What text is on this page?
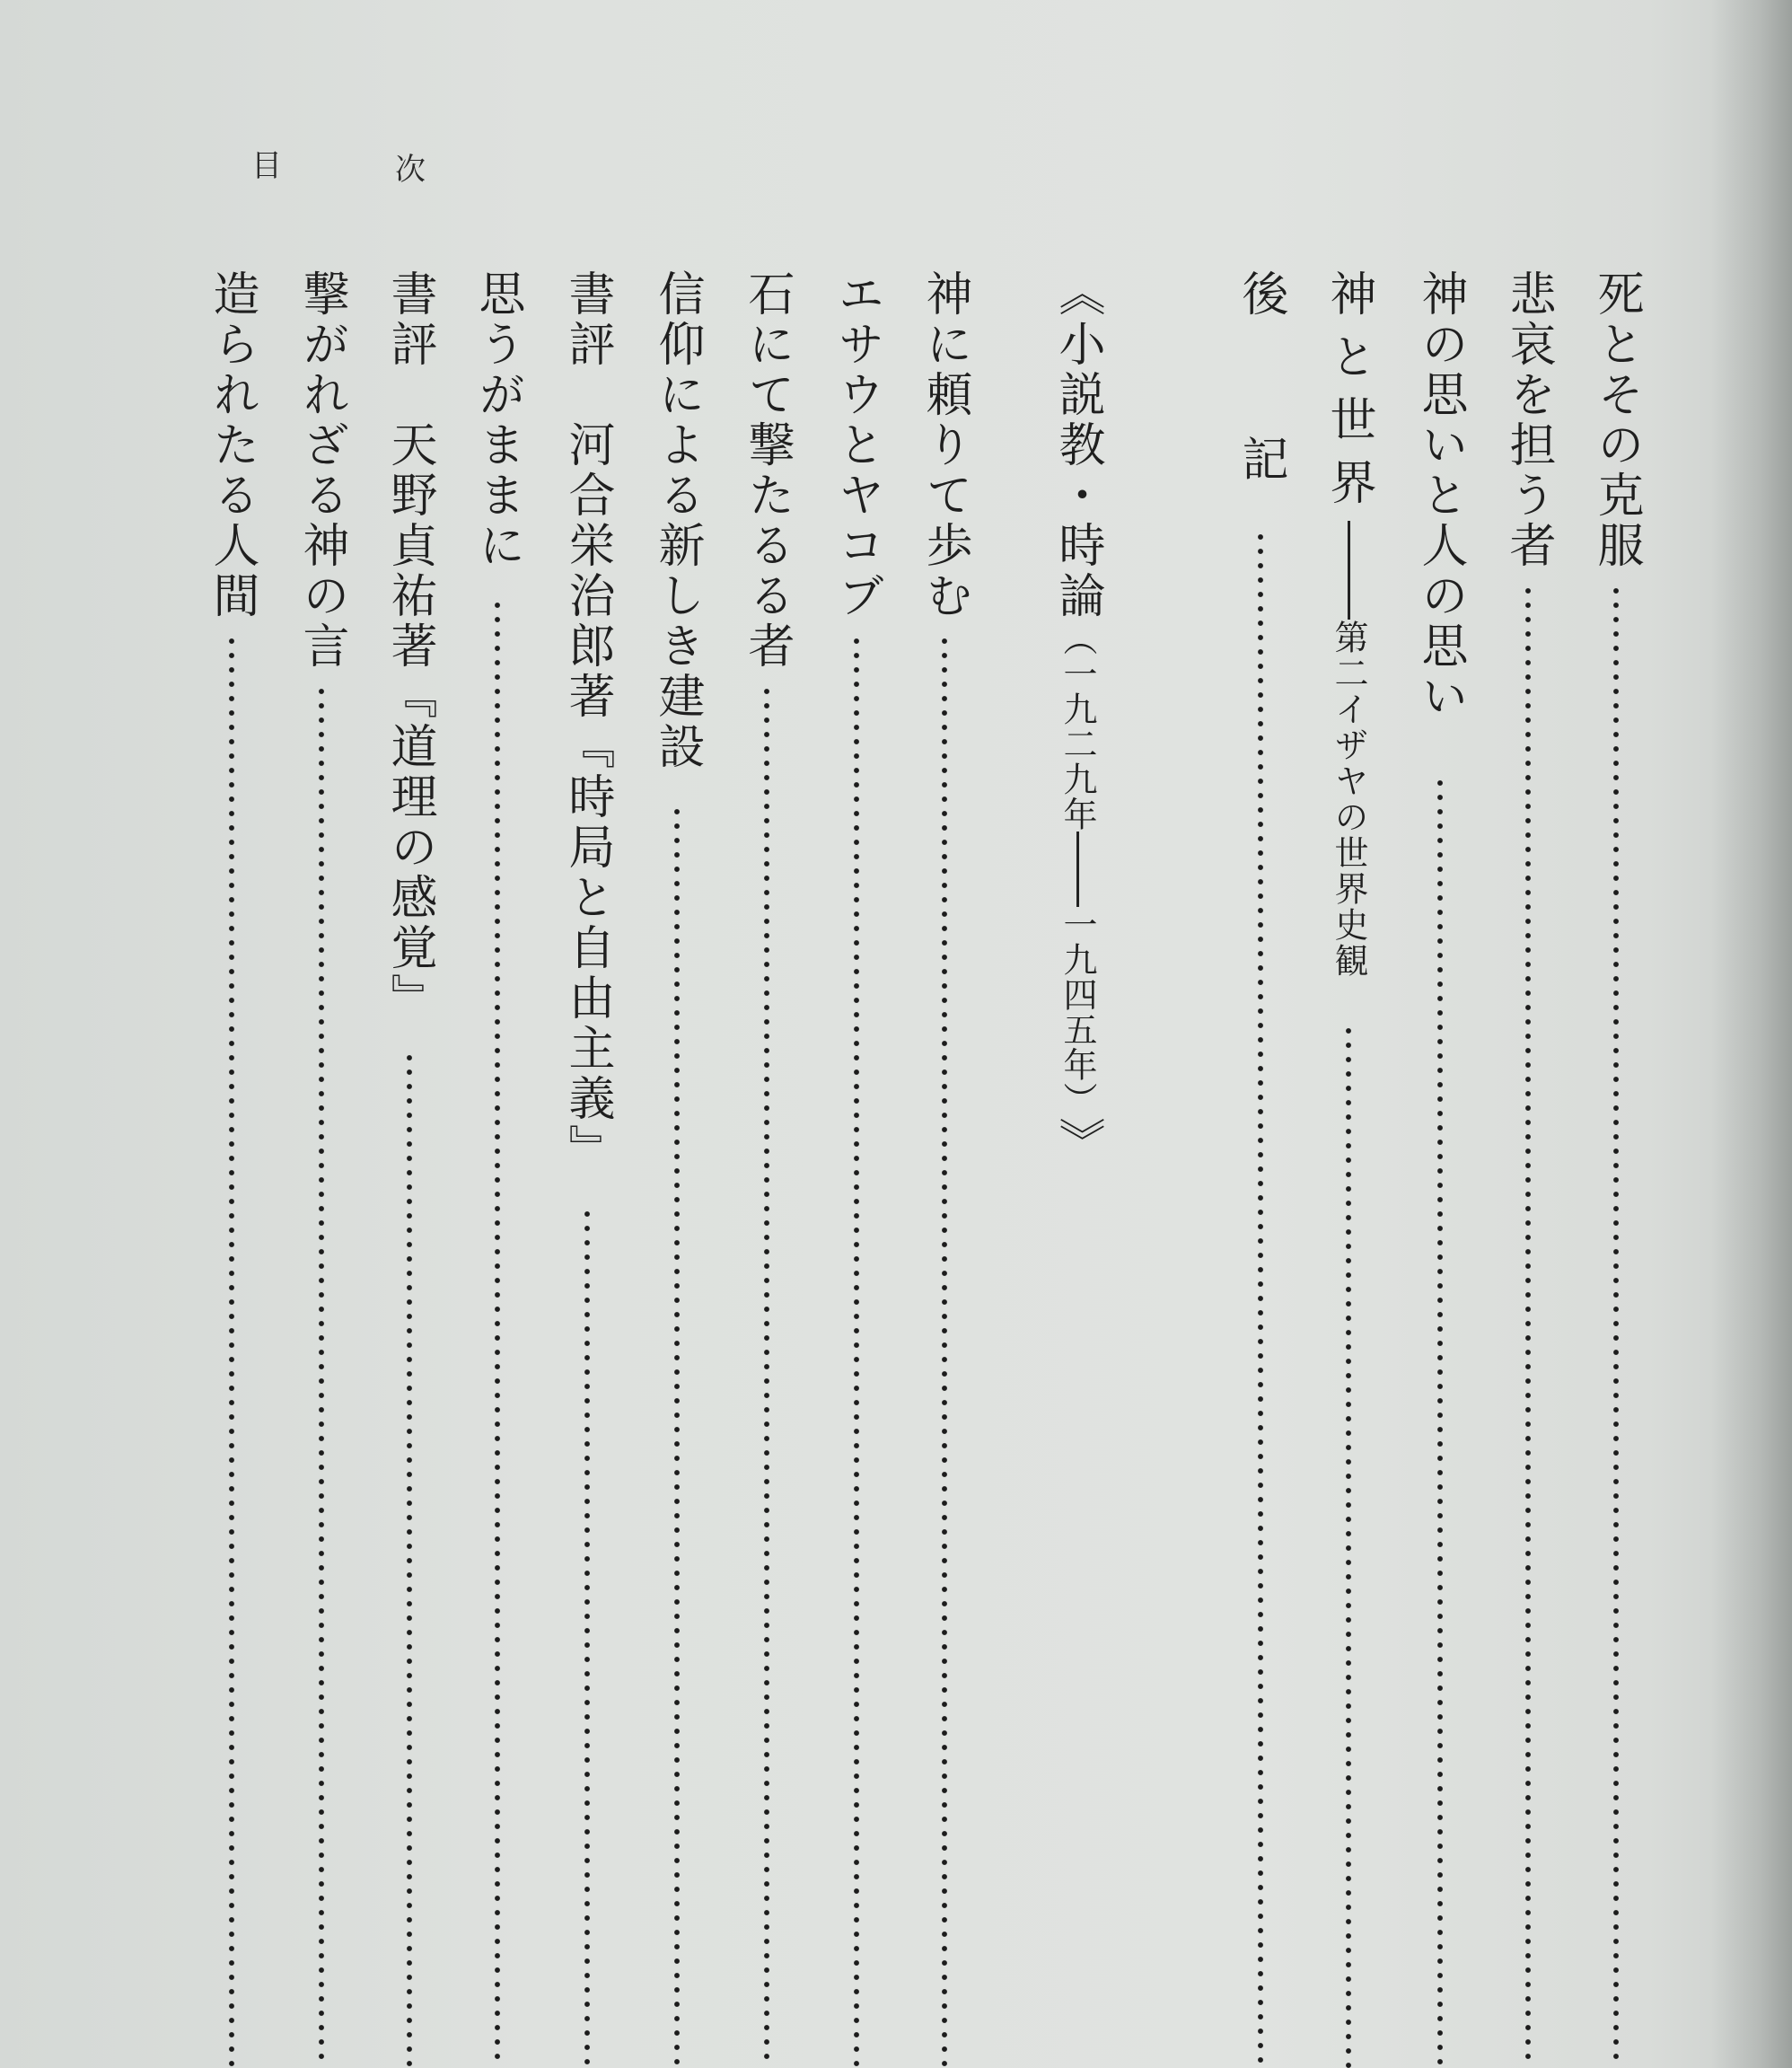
目	次
死とその克服
悲哀を担う者
神の思いと人の思い
神と世界
第二イザヤの世界史観
後　記
《
小説教・時論
（一九二九年
一九四五年）
》
神に頼りて歩む
エサウとヤコブ
石にて撃たるる者
信仰による新しき建設
書評　河合栄治郎著『時局と自由主義』
思うがままに
書評　天野貞祐著『道理の感覚』
撃がれざる神の言
造られたる人間
